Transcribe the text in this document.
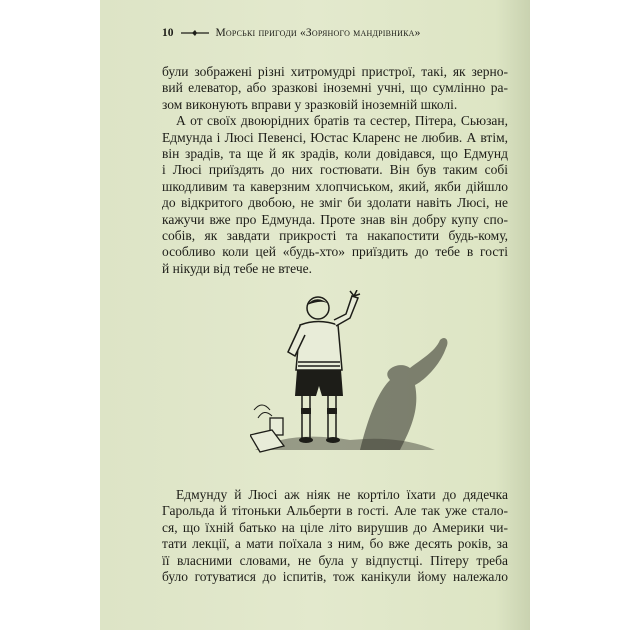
10	Морські пригоди «Зоряного мандрівника»
були зображені різні хитромудрі пристрої, такі, як зерно-
вий елеватор, або зразкові іноземні учні, що сумлінно ра-
зом виконують вправи у зразковій іноземній школі.
А от своїх двоюрідних братів та сестер, Пітера, Сьюзан,
Едмунда і Люсі Певенсі, Юстас Кларенс не любив. А втім,
він зрадів, та ще й як зрадів, коли довідався, що Едмунд
і Люсі приїздять до них гостювати. Він був таким собі
шкодливим та каверзним хлопчиськом, який, якби дійшло
до відкритого двобою, не зміг би здолати навіть Люсі, не
кажучи вже про Едмунда. Проте знав він добру купу спо-
собів, як завдати прикрості та накапостити будь-кому,
особливо коли цей «будь-хто» приїздить до тебе в гості
й нікуди від тебе не втече.
Едмунду й Люсі аж ніяк не кортіло їхати до дядечка
Гарольда й тітоньки Альберти в гості. Але так уже стало-
ся, що їхній батько на ціле літо вирушив до Америки чи-
тати лекції, а мати поїхала з ним, бо вже десять років, за
її власними словами, не була у відпустці. Пітеру треба
було готуватися до іспитів, тож канікули йому належало
